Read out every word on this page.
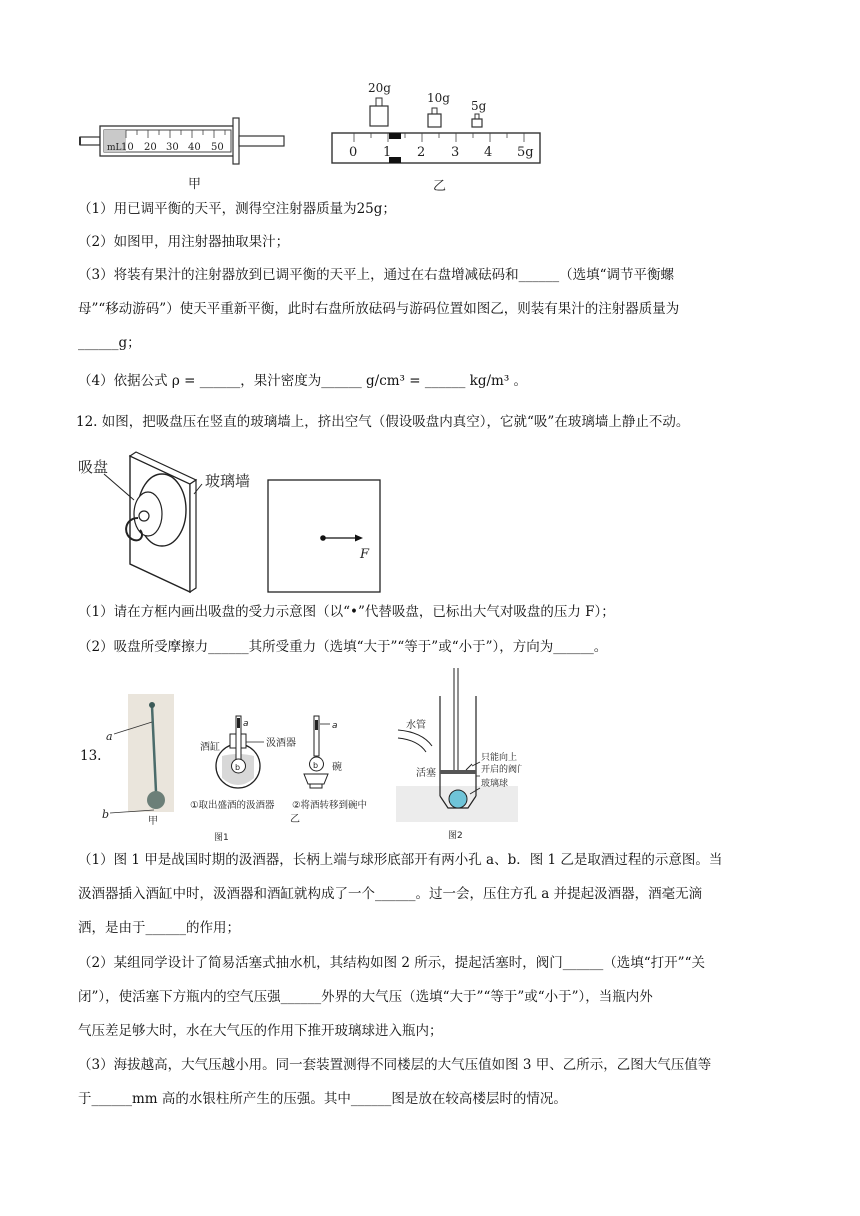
mL 10 20 30 40 50
甲
20g
10g
5g
0 1 2 3 4 5g
乙
（1）用已调平衡的天平，测得空注射器质量为25g；
（2）如图甲，用注射器抽取果汁；
（3）将装有果汁的注射器放到已调平衡的天平上，通过在右盘增减砝码和______（选填“调节平衡螺
母”“移动游码”）使天平重新平衡，此时右盘所放砝码与游码位置如图乙，则装有果汁的注射器质量为
______g；
（4）依据公式 ρ = ______，果汁密度为______ g/cm³ = ______ kg/m³ 。
12. 如图，把吸盘压在竖直的玻璃墙上，挤出空气（假设吸盘内真空），它就“吸”在玻璃墙上静止不动。
吸盘
玻璃墙
F
（1）请在方框内画出吸盘的受力示意图（以“•”代替吸盘，已标出大气对吸盘的压力 F）；
（2）吸盘所受摩擦力______其所受重力（选填“大于”“等于”或“小于”），方向为______。
13.
a
b
甲
b
a
酒缸	汲酒器
b
a
碗
①取出盛酒的汲酒器 ②将酒转移到碗中
乙
图1
水管
活塞
只能向上
开启的阀门
玻璃球
图2
（1）图 1 甲是战国时期的汲酒器，长柄上端与球形底部开有两小孔 a、b．图 1 乙是取酒过程的示意图。当
汲酒器插入酒缸中时，汲酒器和酒缸就构成了一个______。过一会，压住方孔 a 并提起汲酒器，酒毫无滴
洒，是由于______的作用；
（2）某组同学设计了简易活塞式抽水机，其结构如图 2 所示，提起活塞时，阀门______（选填“打开”“关
闭”），使活塞下方瓶内的空气压强______外界的大气压（选填“大于”“等于”或“小于”），当瓶内外
气压差足够大时，水在大气压的作用下推开玻璃球进入瓶内；
（3）海拔越高，大气压越小用。同一套装置测得不同楼层的大气压值如图 3 甲、乙所示，乙图大气压值等
于______mm 高的水银柱所产生的压强。其中______图是放在较高楼层时的情况。
